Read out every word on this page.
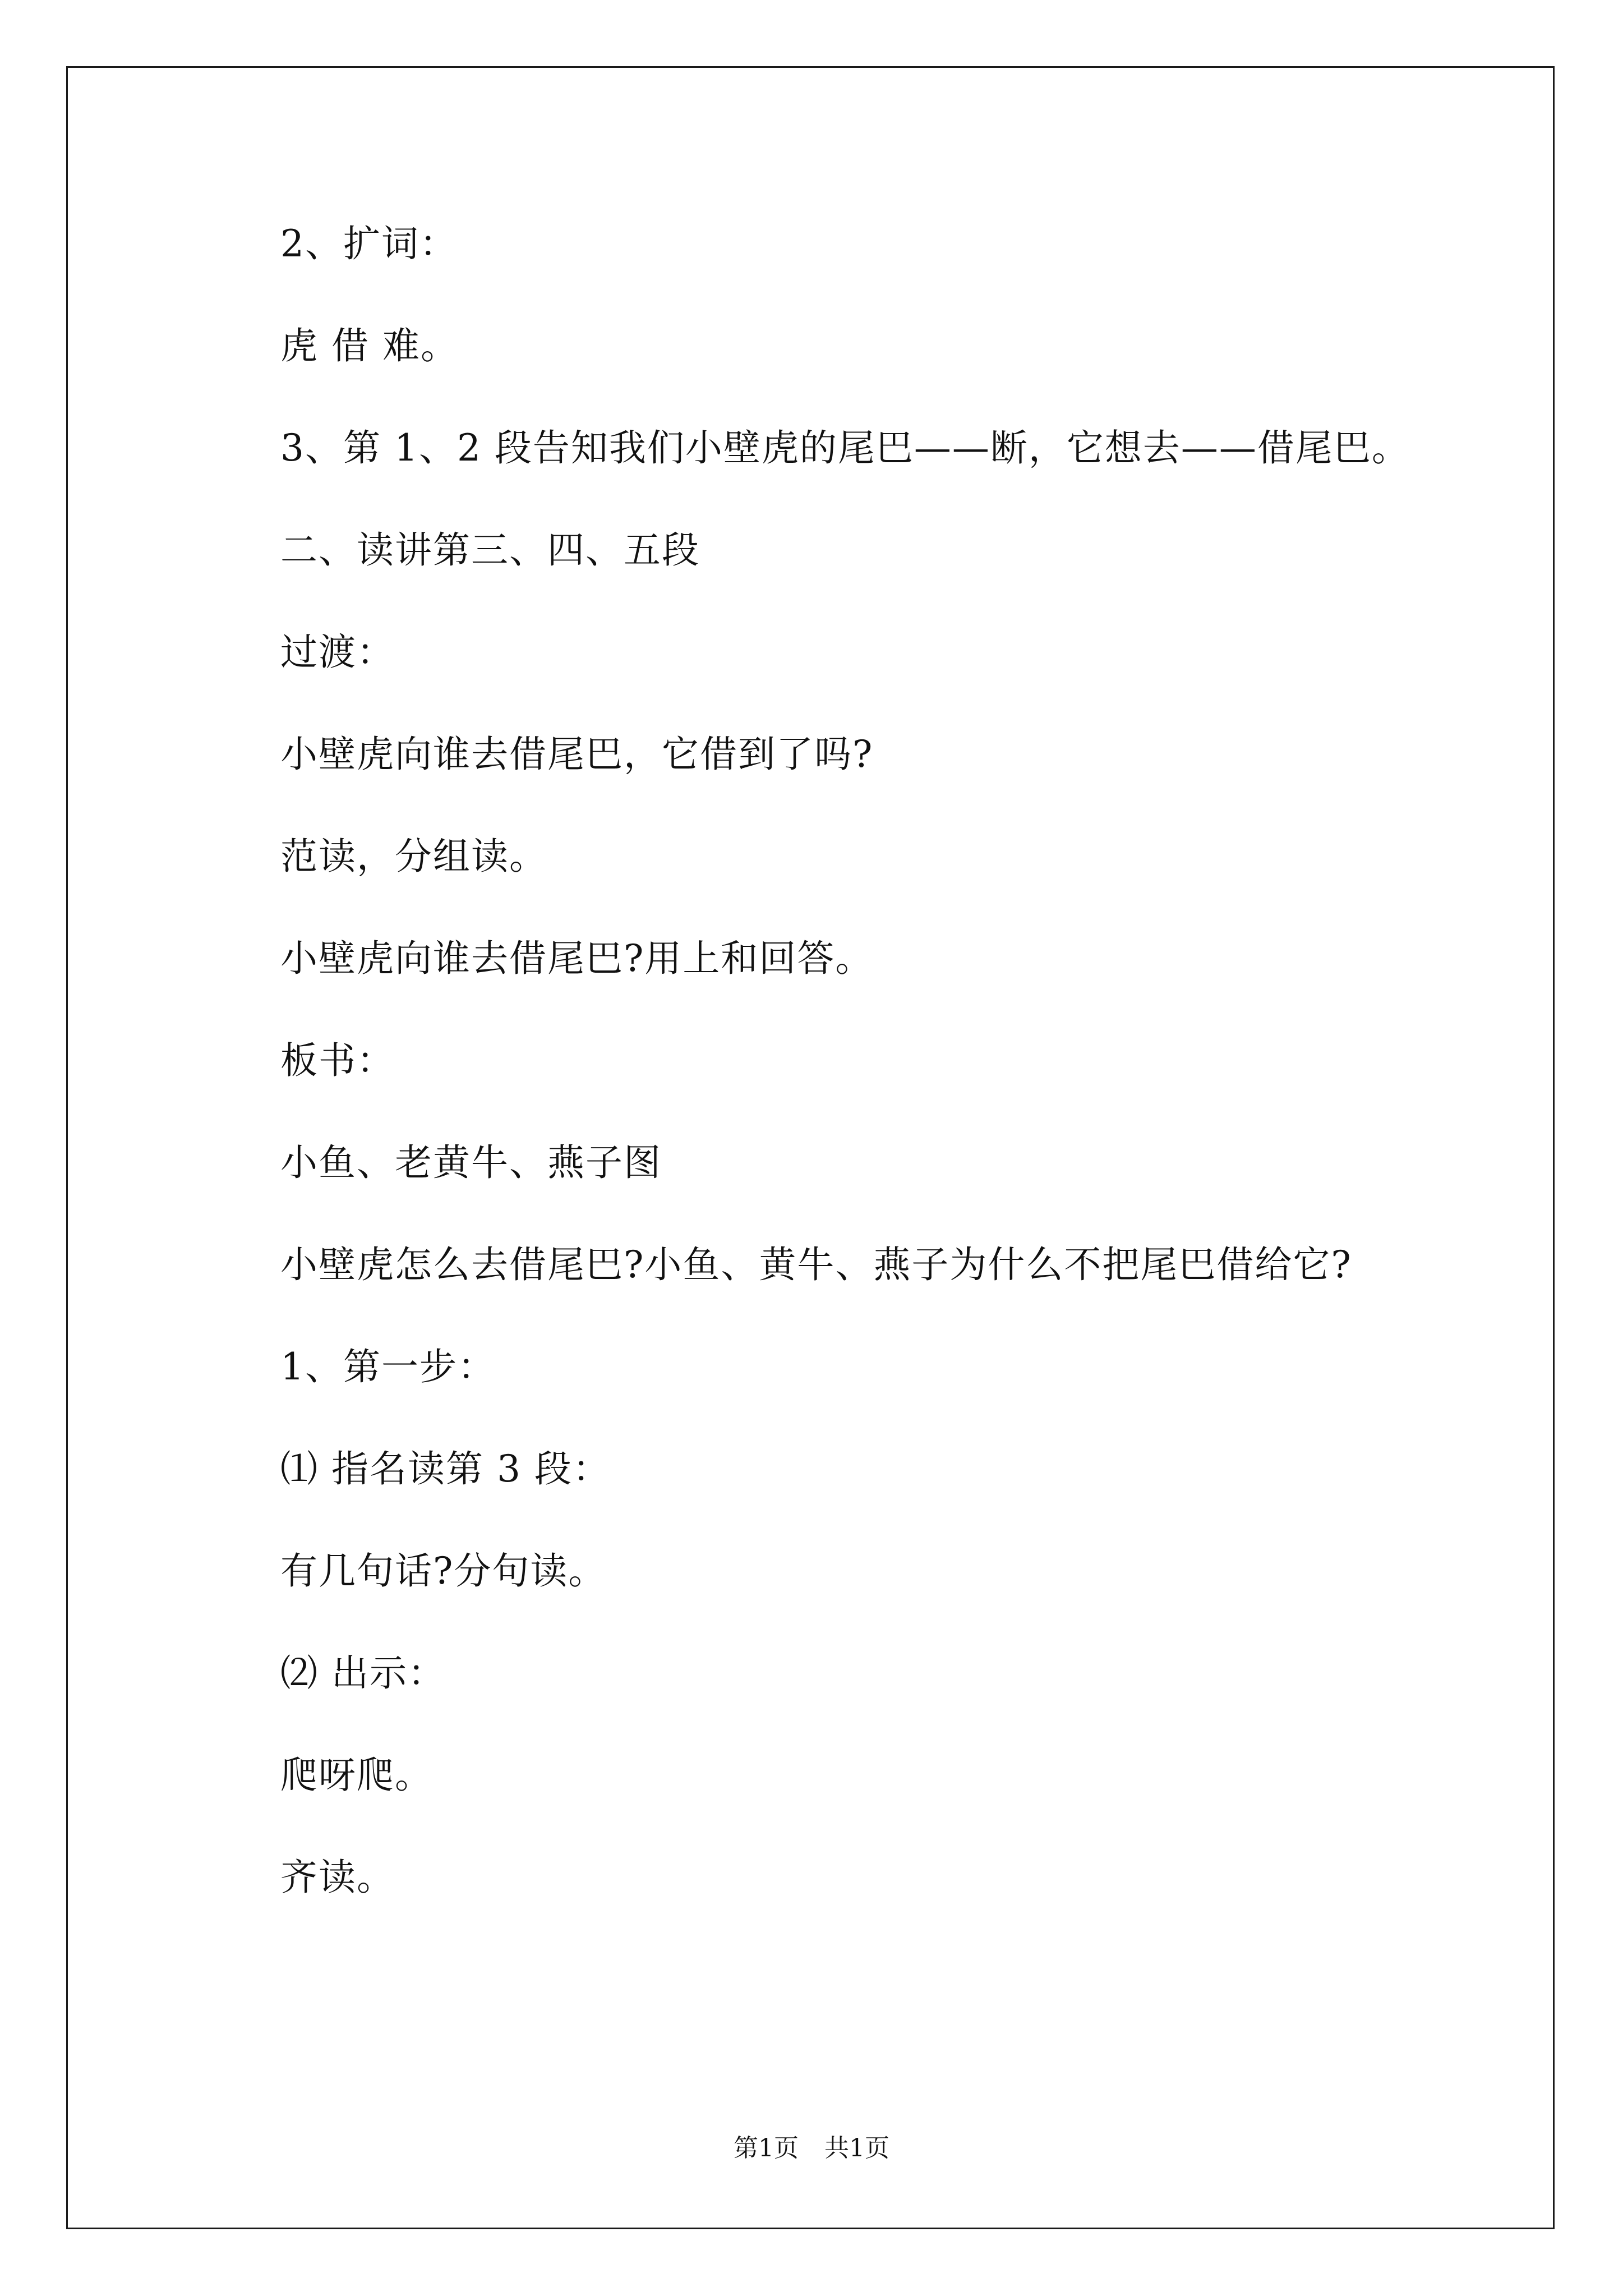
2、扩词：
虎 借 难。
3、第 1、2 段告知我们小壁虎的尾巴——断，它想去——借尾巴。
二、读讲第三、四、五段
过渡：
小壁虎向谁去借尾巴，它借到了吗?
范读，分组读。
小壁虎向谁去借尾巴?用上和回答。
板书：
小鱼、老黄牛、燕子图
小壁虎怎么去借尾巴?小鱼、黄牛、燕子为什么不把尾巴借给它?
1、第一步：
⑴ 指名读第 3 段：
有几句话?分句读。
⑵ 出示：
爬呀爬。
齐读。
第1页 共1页
